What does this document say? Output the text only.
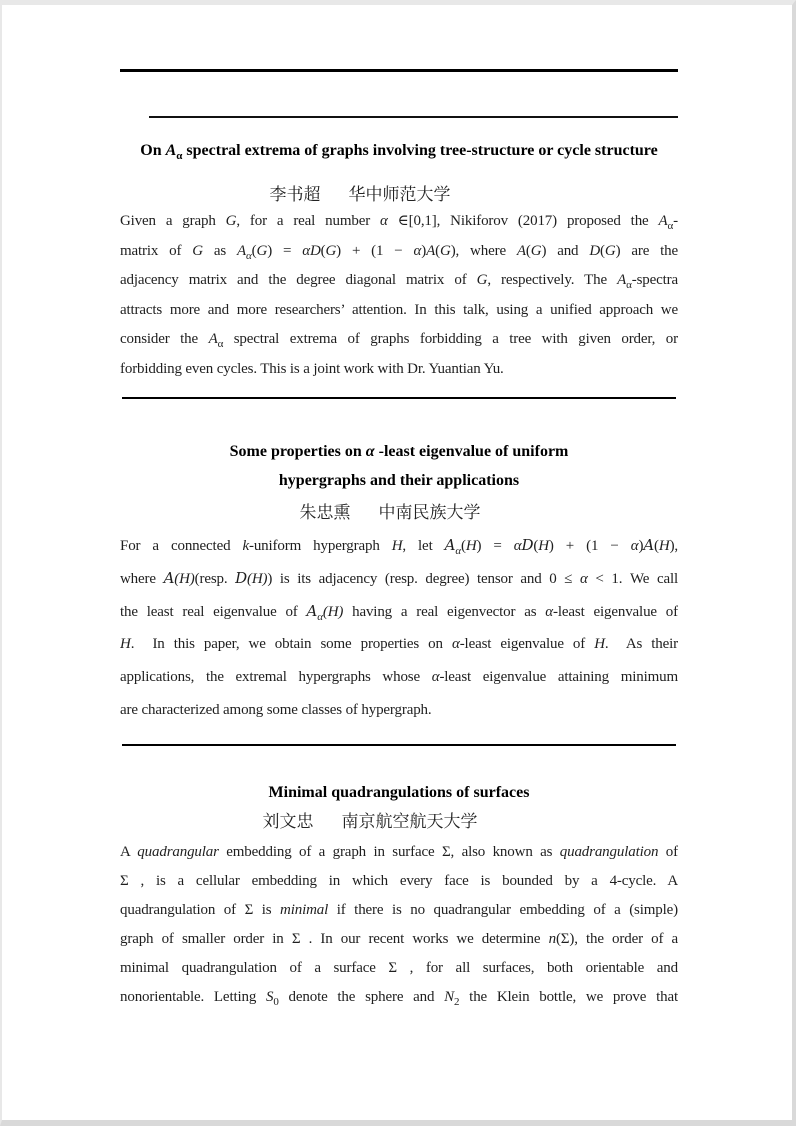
On $A_\alpha$ spectral extrema of graphs involving tree-structure or cycle structure
李书超 华中师范大学
Given a graph G, for a real number α ∈[0,1], Nikiforov (2017) proposed the $A_\alpha-$
matrix of G as $A_\alpha(G) = \alpha D(G) + (1 - \alpha)A(G)$, where A(G) and D(G) are the
adjacency matrix and the degree diagonal matrix of G, respectively. The $A_\alpha$-spectra
attracts more and more researchers’ attention. In this talk, using a unified approach we
consider the $A_\alpha$ spectral extrema of graphs forbidding a tree with given order, or
forbidding even cycles. This is a joint work with Dr. Yuantian Yu.
Some properties on α -least eigenvalue of uniform
hypergraphs and their applications
朱忠熏 中南民族大学
For a connected k-uniform hypergraph H, let $A_\alpha(H) = \alpha D(H) + (1 - \alpha)A(H)$,
where A(H)(resp. D(H)) is its adjacency (resp. degree) tensor and 0 ≤ α < 1. We call
the least real eigenvalue of $A_\alpha(H)$ having a real eigenvector as α-least eigenvalue of
H.  In this paper, we obtain some properties on α-least eigenvalue of H.  As their
applications, the extremal hypergraphs whose α-least eigenvalue attaining minimum
are characterized among some classes of hypergraph.
Minimal quadrangulations of surfaces
刘文忠 南京航空航天大学
A quadrangular embedding of a graph in surface Σ, also known as quadrangulation of
Σ , is a cellular embedding in which every face is bounded by a 4-cycle. A
quadrangulation of Σ is minimal if there is no quadrangular embedding of a (simple)
graph of smaller order in Σ . In our recent works we determine n(Σ), the order of a
minimal quadrangulation of a surface Σ , for all surfaces, both orientable and
nonorientable. Letting $S_0$ denote the sphere and $N_2$ the Klein bottle, we prove that
